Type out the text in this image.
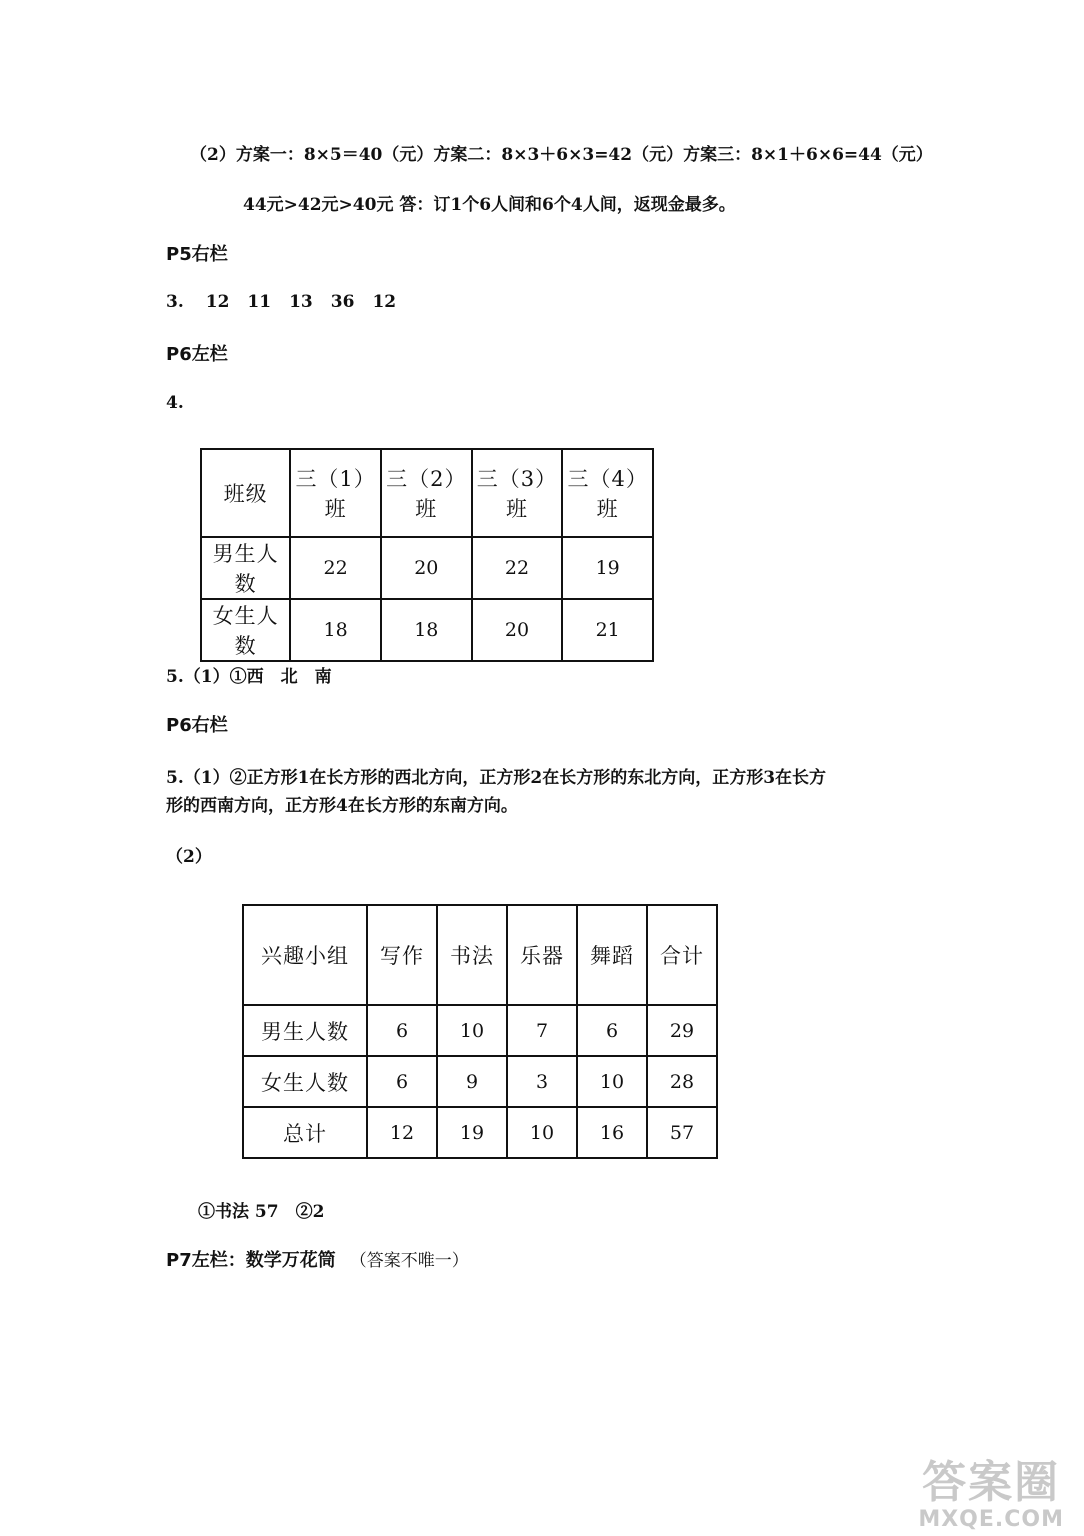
（2）方案一：8×5＝40（元）方案二：8×3＋6×3=42（元）方案三：8×1＋6×6=44（元）
44元>42元>40元 答：订1个6人间和6个4人间，返现金最多。
P5右栏
3. 12 11 13 36 12
P6左栏
4.
班级	三（1）班	三（2）班	三（3）班	三（4）班
男生人数	22	20	22	19
女生人数	18	18	20	21
5.（1）①西　北　南
P6右栏
5.（1）②正方形1在长方形的西北方向，正方形2在长方形的东北方向，正方形3在长方
形的西南方向，正方形4在长方形的东南方向。
（2）
兴趣小组	写作	书法	乐器	舞蹈	合计
男生人数	6	10	7	6	29
女生人数	6	9	3	10	28
总计	12	19	10	16	57
①书法 57　②2
P7左栏：数学万花筒 （答案不唯一）
答案圈
MXQE.COM
